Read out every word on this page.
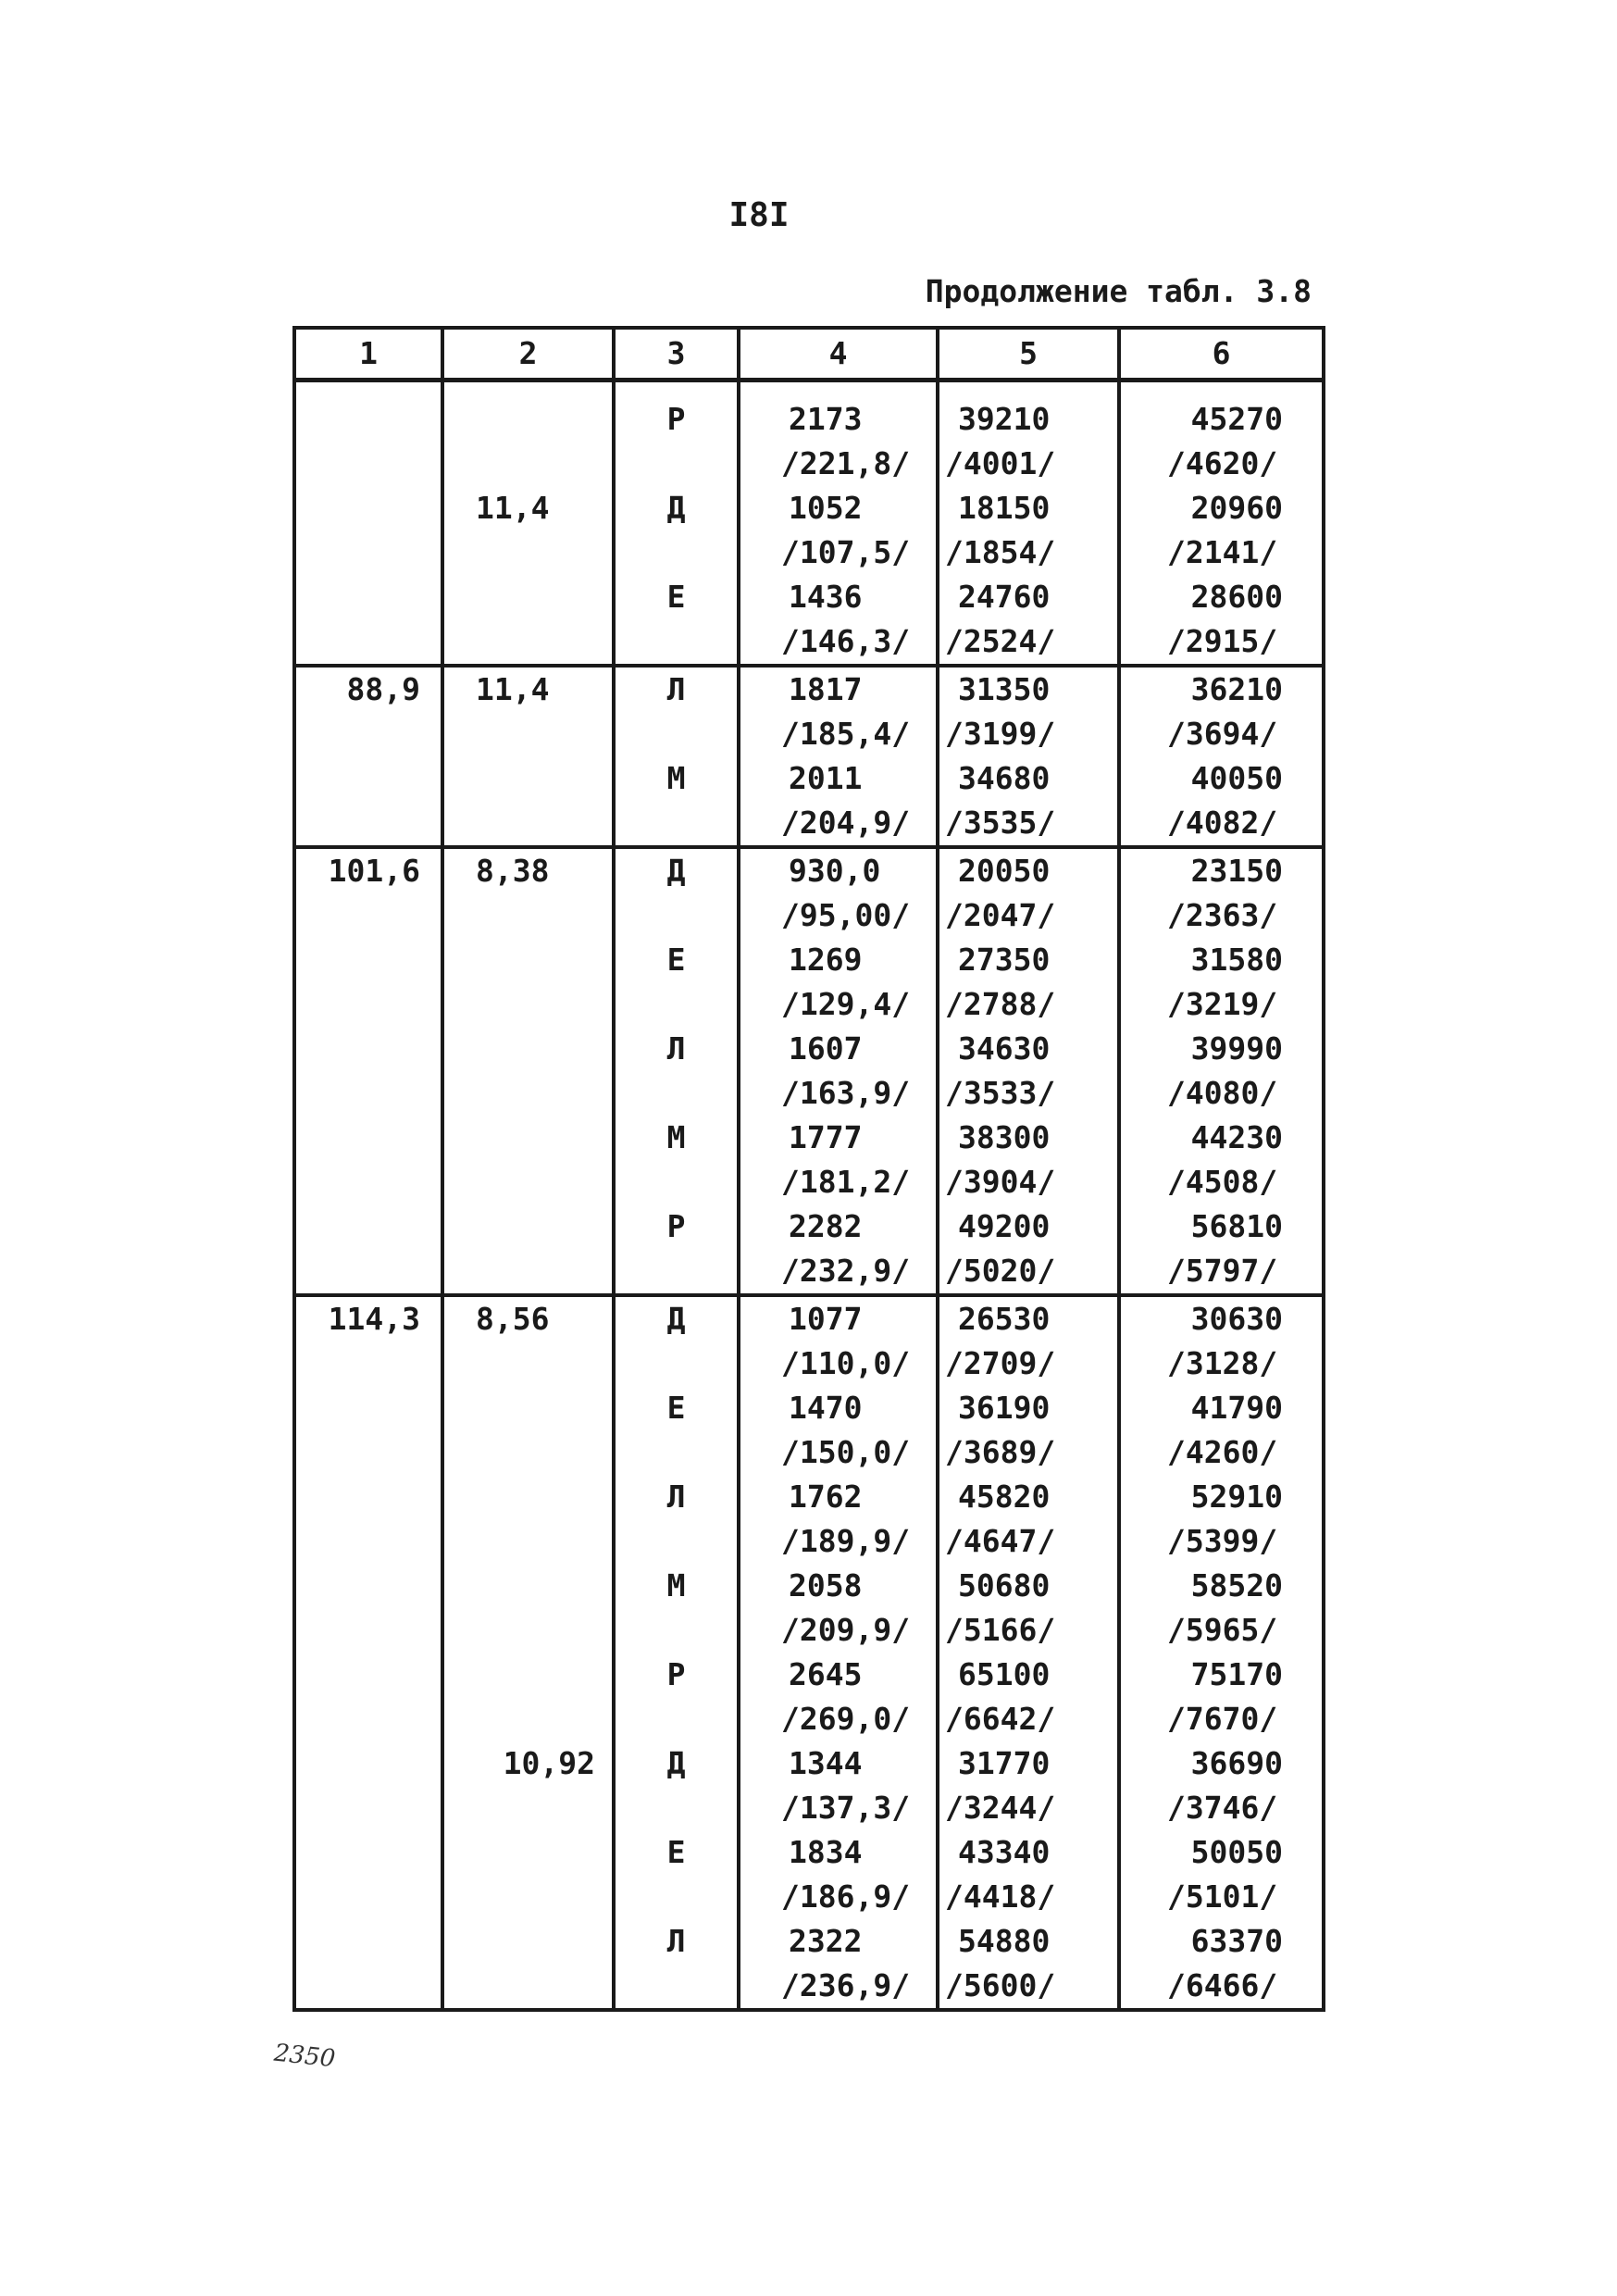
I8I
Продолжение табл. 3.8
1	2	3	4	5	6

		Р	2173	39210	45270
			/221,8/	/4001/	/4620/
	11,4	Д	1052	18150	20960
			/107,5/	/1854/	/2141/
		Е	1436	24760	28600
			/146,3/	/2524/	/2915/
88,9	11,4	Л	1817	31350	36210
			/185,4/	/3199/	/3694/
		М	2011	34680	40050
			/204,9/	/3535/	/4082/
101,6	8,38	Д	930,0	20050	23150
			/95,00/	/2047/	/2363/
		Е	1269	27350	31580
			/129,4/	/2788/	/3219/
		Л	1607	34630	39990
			/163,9/	/3533/	/4080/
		М	1777	38300	44230
			/181,2/	/3904/	/4508/
		Р	2282	49200	56810
			/232,9/	/5020/	/5797/
114,3	8,56	Д	1077	26530	30630
			/110,0/	/2709/	/3128/
		Е	1470	36190	41790
			/150,0/	/3689/	/4260/
		Л	1762	45820	52910
			/189,9/	/4647/	/5399/
		М	2058	50680	58520
			/209,9/	/5166/	/5965/
		Р	2645	65100	75170
			/269,0/	/6642/	/7670/
	10,92	Д	1344	31770	36690
			/137,3/	/3244/	/3746/
		Е	1834	43340	50050
			/186,9/	/4418/	/5101/
		Л	2322	54880	63370
			/236,9/	/5600/	/6466/
2350
